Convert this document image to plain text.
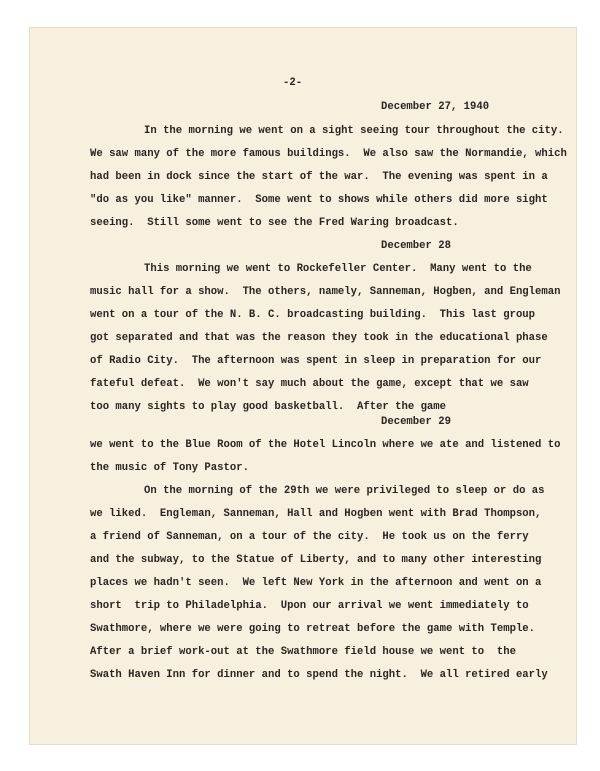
-2-
December 27, 1940
In the morning we went on a sight seeing tour throughout the city.
We saw many of the more famous buildings.  We also saw the Normandie, which
had been in dock since the start of the war.  The evening was spent in a
"do as you like" manner.  Some went to shows while others did more sight
seeing.  Still some went to see the Fred Waring broadcast.
December 28
This morning we went to Rockefeller Center.  Many went to the
music hall for a show.  The others, namely, Sanneman, Hogben, and Engleman
went on a tour of the N. B. C. broadcasting building.  This last group
got separated and that was the reason they took in the educational phase
of Radio City.  The afternoon was spent in sleep in preparation for our
fateful defeat.  We won't say much about the game, except that we saw
too many sights to play good basketball.  After the game
December 29
we went to the Blue Room of the Hotel Lincoln where we ate and listened to
the music of Tony Pastor.
On the morning of the 29th we were privileged to sleep or do as
we liked.  Engleman, Sanneman, Hall and Hogben went with Brad Thompson,
a friend of Sanneman, on a tour of the city.  He took us on the ferry
and the subway, to the Statue of Liberty, and to many other interesting
places we hadn't seen.  We left New York in the afternoon and went on a
short  trip to Philadelphia.  Upon our arrival we went immediately to
Swathmore, where we were going to retreat before the game with Temple.
After a brief work-out at the Swathmore field house we went to  the
Swath Haven Inn for dinner and to spend the night.  We all retired early
